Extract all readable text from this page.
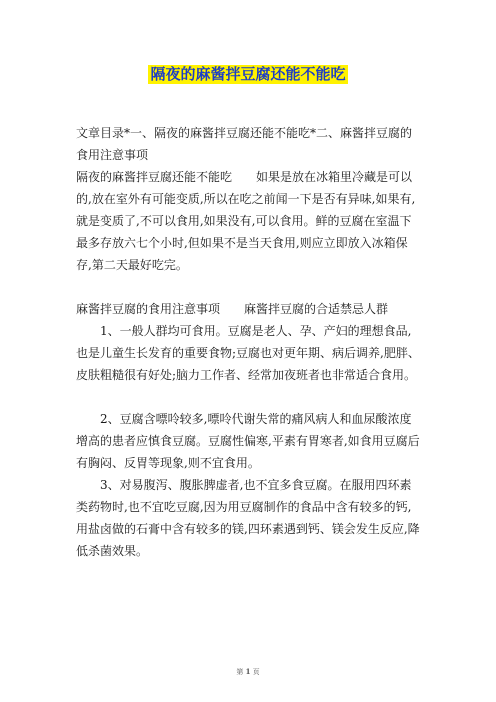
隔夜的麻酱拌豆腐还能不能吃

文章目录*一、隔夜的麻酱拌豆腐还能不能吃*二、麻酱拌豆腐的食用注意事项

隔夜的麻酱拌豆腐还能不能吃 如果是放在冰箱里冷藏是可以的,放在室外有可能变质,所以在吃之前闻一下是否有异味,如果有,就是变质了,不可以食用,如果没有,可以食用。鲜的豆腐在室温下最多存放六七个小时,但如果不是当天食用,则应立即放入冰箱保存,第二天最好吃完。

麻酱拌豆腐的食用注意事项 麻酱拌豆腐的合适禁忌人群

1、一般人群均可食用。豆腐是老人、孕、产妇的理想食品,也是儿童生长发育的重要食物;豆腐也对更年期、病后调养,肥胖、皮肤粗糙很有好处;脑力工作者、经常加夜班者也非常适合食用。

2、豆腐含嘌呤较多,嘌呤代谢失常的痛风病人和血尿酸浓度增高的患者应慎食豆腐。豆腐性偏寒,平素有胃寒者,如食用豆腐后有胸闷、反胃等现象,则不宜食用。

3、对易腹泻、腹胀脾虚者,也不宜多食豆腐。在服用四环素类药物时,也不宜吃豆腐,因为用豆腐制作的食品中含有较多的钙,用盐卤做的石膏中含有较多的镁,四环素遇到钙、镁会发生反应,降低杀菌效果。

第 1 页
